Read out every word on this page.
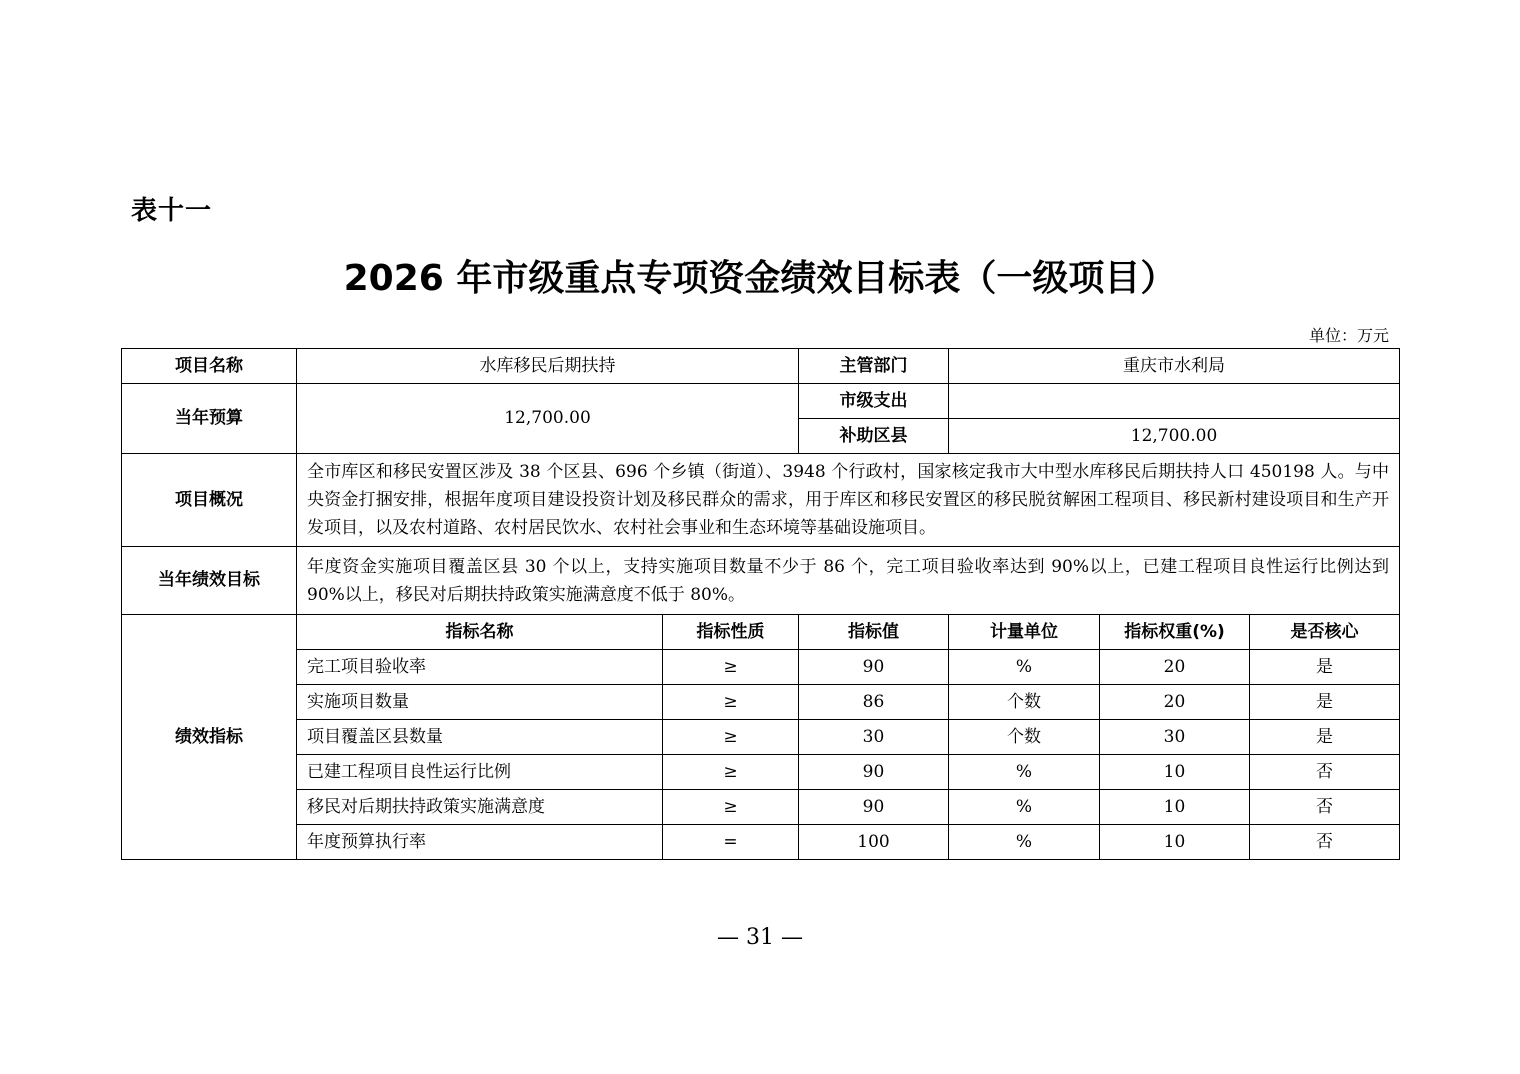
表十一
2026 年市级重点专项资金绩效目标表（一级项目）
单位：万元
项目名称	水库移民后期扶持		主管部门	重庆市水利局		
当年预算	12,700.00		市级支出			
			补助区县	12,700.00		
项目概况	全市库区和移民安置区涉及 38 个区县、696 个乡镇（街道）、3948 个行政村，国家核定我市大中型水库移民后期扶持人口 450198 人。与中央资金打捆安排，根据年度项目建设投资计划及移民群众的需求，用于库区和移民安置区的移民脱贫解困工程项目、移民新村建设项目和生产开发项目，以及农村道路、农村居民饮水、农村社会事业和生态环境等基础设施项目。					
当年绩效目标	年度资金实施项目覆盖区县 30 个以上，支持实施项目数量不少于 86 个，完工项目验收率达到 90%以上，已建工程项目良性运行比例达到 90%以上，移民对后期扶持政策实施满意度不低于 80%。					
绩效指标	指标名称	指标性质	指标值	计量单位	指标权重(%)	是否核心
	完工项目验收率	≥	90	%	20	是
	实施项目数量	≥	86	个数	20	是
	项目覆盖区县数量	≥	30	个数	30	是
	已建工程项目良性运行比例	≥	90	%	10	否
	移民对后期扶持政策实施满意度	≥	90	%	10	否
	年度预算执行率	=	100	%	10	否
— 31 —
